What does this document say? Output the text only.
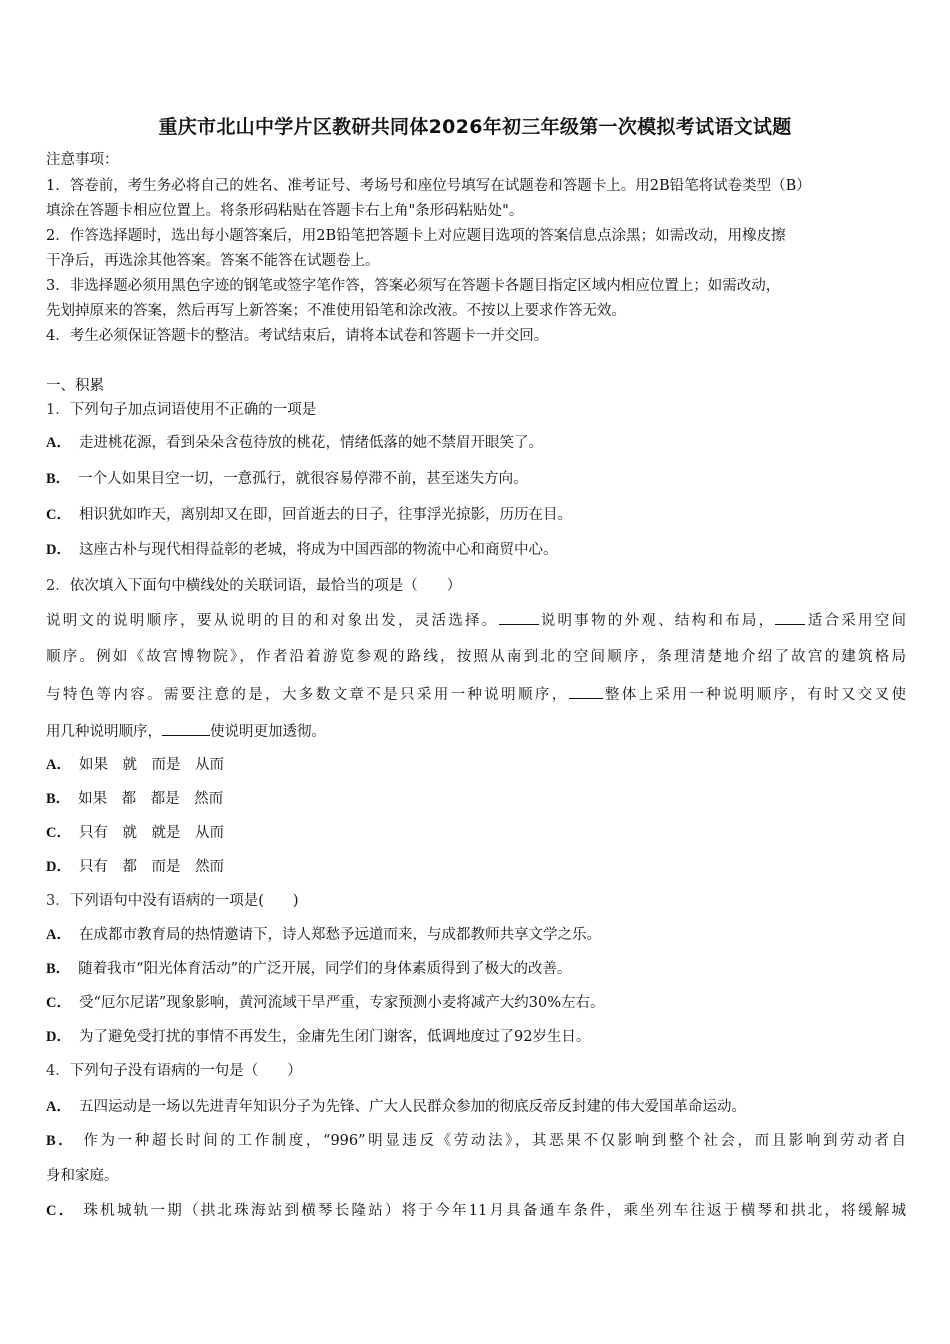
重庆市北山中学片区教研共同体2026年初三年级第一次模拟考试语文试题
注意事项：
1．答卷前，考生务必将自己的姓名、准考证号、考场号和座位号填写在试题卷和答题卡上。用2B铅笔将试卷类型（B）
填涂在答题卡相应位置上。将条形码粘贴在答题卡右上角"条形码粘贴处"。
2．作答选择题时，选出每小题答案后，用2B铅笔把答题卡上对应题目选项的答案信息点涂黑；如需改动，用橡皮擦
干净后，再选涂其他答案。答案不能答在试题卷上。
3．非选择题必须用黑色字迹的钢笔或签字笔作答，答案必须写在答题卡各题目指定区域内相应位置上；如需改动，
先划掉原来的答案，然后再写上新答案；不准使用铅笔和涂改液。不按以上要求作答无效。
4．考生必须保证答题卡的整洁。考试结束后，请将本试卷和答题卡一并交回。
一、积累
1．下列句子加点词语使用不正确的一项是
A． 走进桃花源，看到朵朵含苞待放的桃花，情绪低落的她不禁眉开眼笑了。
B． 一个人如果目空一切，一意孤行，就很容易停滞不前，甚至迷失方向。
C． 相识犹如昨天，离别却又在即，回首逝去的日子，往事浮光掠影，历历在目。
D． 这座古朴与现代相得益彰的老城，将成为中国西部的物流中心和商贸中心。
2．依次填入下面句中横线处的关联词语，最恰当的项是（　　）
说明文的说明顺序，要从说明的目的和对象出发，灵活选择。	说明事物的外观、结构和布局， 适合采用空间
顺序。例如《故宫博物院》，作者沿着游览参观的路线，按照从南到北的空间顺序，条理清楚地介绍了故宫的建筑格局
与特色等内容。需要注意的是，大多数文章不是只采用一种说明顺序， 整体上采用一种说明顺序，有时又交叉使
用几种说明顺序，	使说明更加透彻。
A． 如果　就　而是　从而
B． 如果　都　都是　然而
C． 只有　就　就是　从而
D． 只有　都　而是　然而
3．下列语句中没有语病的一项是(　　)
A． 在成都市教育局的热情邀请下，诗人郑愁予远道而来，与成都教师共享文学之乐。
B． 随着我市“阳光体育活动”的广泛开展，同学们的身体素质得到了极大的改善。
C． 受“厄尔尼诺”现象影响，黄河流域干旱严重，专家预测小麦将减产大约30%左右。
D． 为了避免受打扰的事情不再发生，金庸先生闭门谢客，低调地度过了92岁生日。
4．下列句子没有语病的一句是（　　）
A． 五四运动是一场以先进青年知识分子为先锋、广大人民群众参加的彻底反帝反封建的伟大爱国革命运动。
B． 作为一种超长时间的工作制度，“996”明显违反《劳动法》，其恶果不仅影响到整个社会，而且影响到劳动者自
身和家庭。
C． 珠机城轨一期（拱北珠海站到横琴长隆站）将于今年11月具备通车条件，乘坐列车往返于横琴和拱北，将缓解城
